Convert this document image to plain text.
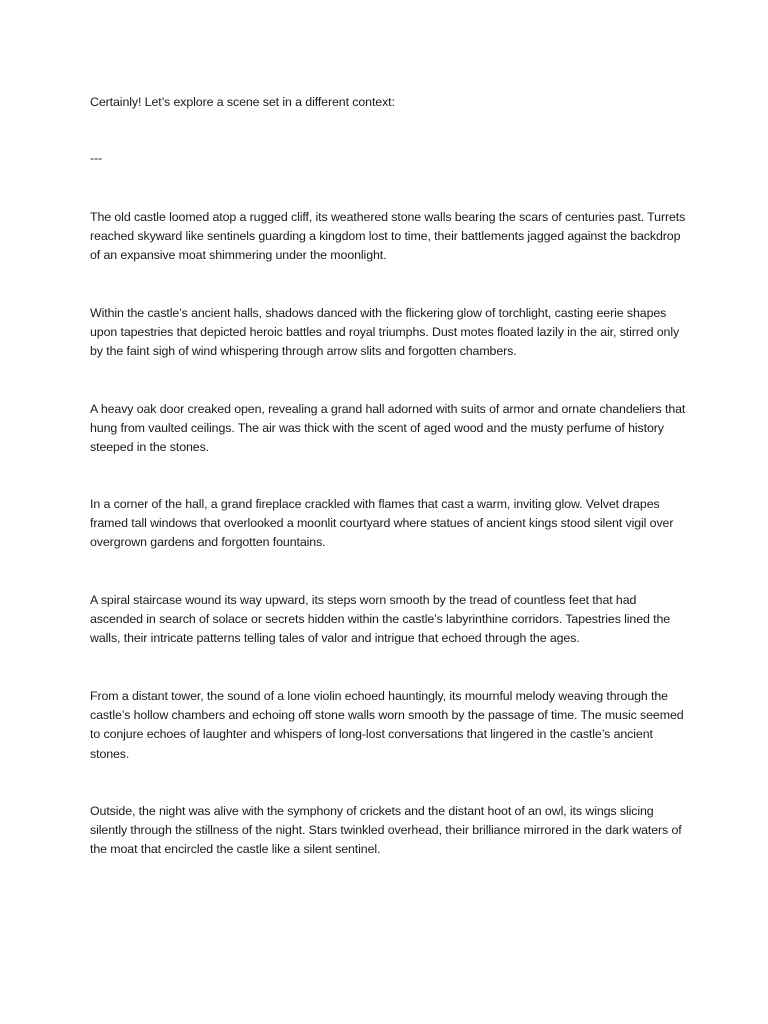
Certainly! Let’s explore a scene set in a different context:

---

The old castle loomed atop a rugged cliff, its weathered stone walls bearing the scars of centuries past. Turrets reached skyward like sentinels guarding a kingdom lost to time, their battlements jagged against the backdrop of an expansive moat shimmering under the moonlight.

Within the castle’s ancient halls, shadows danced with the flickering glow of torchlight, casting eerie shapes upon tapestries that depicted heroic battles and royal triumphs. Dust motes floated lazily in the air, stirred only by the faint sigh of wind whispering through arrow slits and forgotten chambers.

A heavy oak door creaked open, revealing a grand hall adorned with suits of armor and ornate chandeliers that hung from vaulted ceilings. The air was thick with the scent of aged wood and the musty perfume of history steeped in the stones.

In a corner of the hall, a grand fireplace crackled with flames that cast a warm, inviting glow. Velvet drapes framed tall windows that overlooked a moonlit courtyard where statues of ancient kings stood silent vigil over overgrown gardens and forgotten fountains.

A spiral staircase wound its way upward, its steps worn smooth by the tread of countless feet that had ascended in search of solace or secrets hidden within the castle’s labyrinthine corridors. Tapestries lined the walls, their intricate patterns telling tales of valor and intrigue that echoed through the ages.

From a distant tower, the sound of a lone violin echoed hauntingly, its mournful melody weaving through the castle’s hollow chambers and echoing off stone walls worn smooth by the passage of time. The music seemed to conjure echoes of laughter and whispers of long-lost conversations that lingered in the castle’s ancient stones.

Outside, the night was alive with the symphony of crickets and the distant hoot of an owl, its wings slicing silently through the stillness of the night. Stars twinkled overhead, their brilliance mirrored in the dark waters of the moat that encircled the castle like a silent sentinel.
